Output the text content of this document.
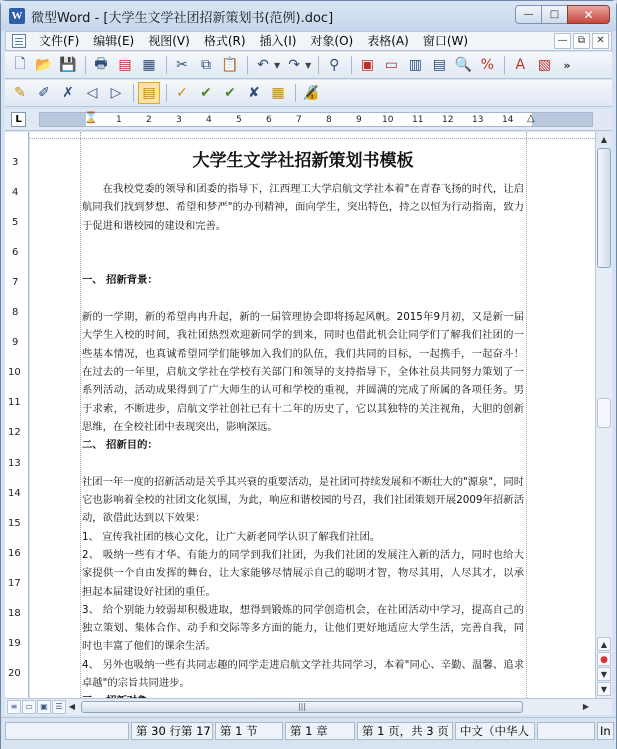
W 微型Word - [大学生文学社团招新策划书(范例).doc]	—	□	✕
文件(F)	编辑(E)	视图(V)	格式(R)	插入(I)	对象(O)	表格(A)	窗口(W)	—	⧉	✕
🗋 📂 💾	🖶 ▤ ▦	✂ ⧉ 📋	↶ ▼ ↷ ▼	⚲	▣ ▭ ▥ ▤ 🔍 %	A ▧	»
✎ ✐ ✗ ◁ ▷	▤	✓ ✔ ✔ ✘ ▦	🔏
L	1	2	3	4	5	6	7	8	9 10 11 12 13 14
⌛	△
3
4
5
6
7
8
9
10
11
12
13
14
15
16
17
18
19
20
大学生文学社招新策划书模板
在我校党委的领导和团委的指导下，江西理工大学启航文学社本着"在青春飞扬的时代，让启航同我们找到梦想、希望和梦严"的办刊精神，面向学生，突出特色，持之以恒为行动指南，致力于促进和谐校园的建设和完善。
一、 招新背景：
新的一学期，新的希望冉冉升起，新的一届管理协会即将扬起风帆。2015年9月初，又是新一届大学生入校的时间，我社团热烈欢迎新同学的到来，同时也借此机会让同学们了解我们社团的一些基本情况，也真诚希望同学们能够加入我们的队伍，我们共同的目标，一起携手，一起奋斗！在过去的一年里，启航文学社在学校有关部门和领导的支持指导下，全体社员共同努力策划了一系列活动，活动成果得到了广大师生的认可和学校的重视，并圆满的完成了所属的各项任务。男于求索，不断进步，启航文学社创社已有十二年的历史了，它以其独特的关注视角，大胆的创新思维，在全校社团中表现突出，影响深远。
二、 招新目的：
社团一年一度的招新活动是关乎其兴衰的重要活动，是社团可持续发展和不断壮大的"源泉"，同时它也影响着全校的社团文化氛围，为此，响应和谐校园的号召，我们社团策划开展2009年招新活动，欲借此达到以下效果：
1、 宣传我社团的核心文化，让广大新老同学认识了解我们社团。
2、 吸纳一些有才华、有能力的同学到我们社团，为我们社团的发展注入新的活力，同时也给大家提供一个自由发挥的舞台，让大家能够尽情展示自己的聪明才智，物尽其用，人尽其才，以承担起本届建设好社团的重任。
3、 给个别能力较弱却积极进取，想得到锻炼的同学创造机会，在社团活动中学习，提高自己的独立策划、集体合作、动手和交际等多方面的能力，让他们更好地适应大学生活，完善自我，同时也丰富了他们的课余生活。
4、 另外也吸纳一些有共同志趣的同学走进启航文学社共同学习，本着"同心、辛勤、温馨、追求卓越"的宗旨共同进步。
▲
▲
●
▼
▼
≡ ▭ ▣ ☰ ◀	|||	▶
第 30 行第 17 第 1 节	第 1 章	第 1 页，共 3 页 中文（中华人	In
